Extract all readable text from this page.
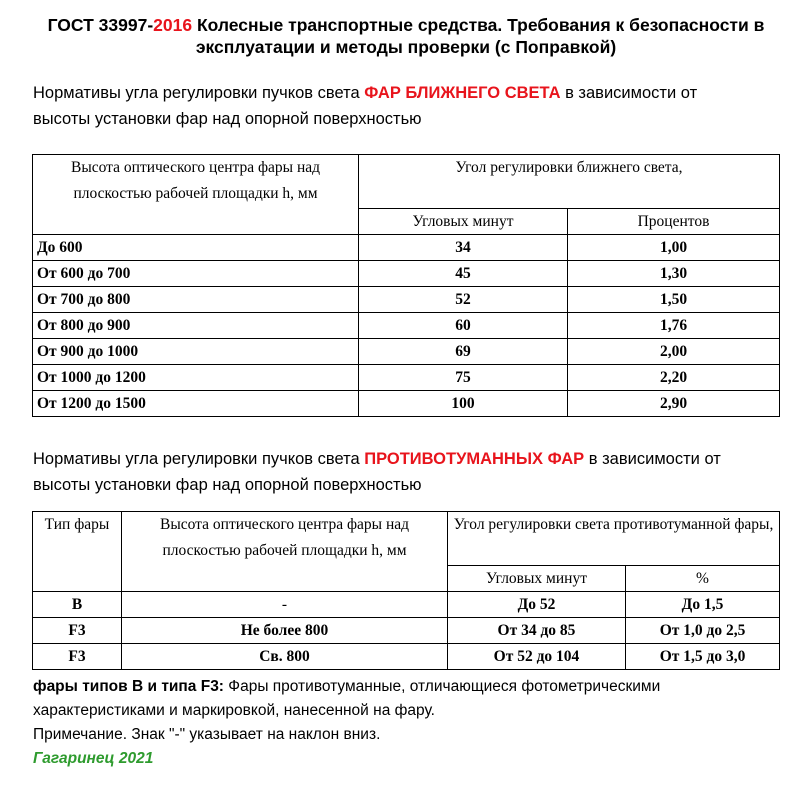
ГОСТ 33997-2016 Колесные транспортные средства. Требования к безопасности в
эксплуатации и методы проверки (с Поправкой)
Нормативы угла регулировки пучков света ФАР БЛИЖНЕГО СВЕТА в зависимости от
высоты установки фар над опорной поверхностью
Высота оптического центра фары над плоскостью рабочей площадки h, мм	Угол регулировки ближнего света,	
	Угловых минут	Процентов
До 600	34	1,00
От 600 до 700	45	1,30
От 700 до 800	52	1,50
От 800 до 900	60	1,76
От 900 до 1000	69	2,00
От 1000 до 1200	75	2,20
От 1200 до 1500	100	2,90
Нормативы угла регулировки пучков света ПРОТИВОТУМАННЫХ ФАР в зависимости от
высоты установки фар над опорной поверхностью
Тип фары	Высота оптического центра фары над плоскостью рабочей площадки h, мм	Угол регулировки света противотуманной фары,	
		Угловых минут	%
B	-	До 52	До 1,5
F3	Не более 800	От 34 до 85	От 1,0 до 2,5
F3	Св. 800	От 52 до 104	От 1,5 до 3,0
фары типов B и типа F3: Фары противотуманные, отличающиеся фотометрическими характеристиками и маркировкой, нанесенной на фару.
Примечание. Знак "-" указывает на наклон вниз.
Гагаринец 2021
